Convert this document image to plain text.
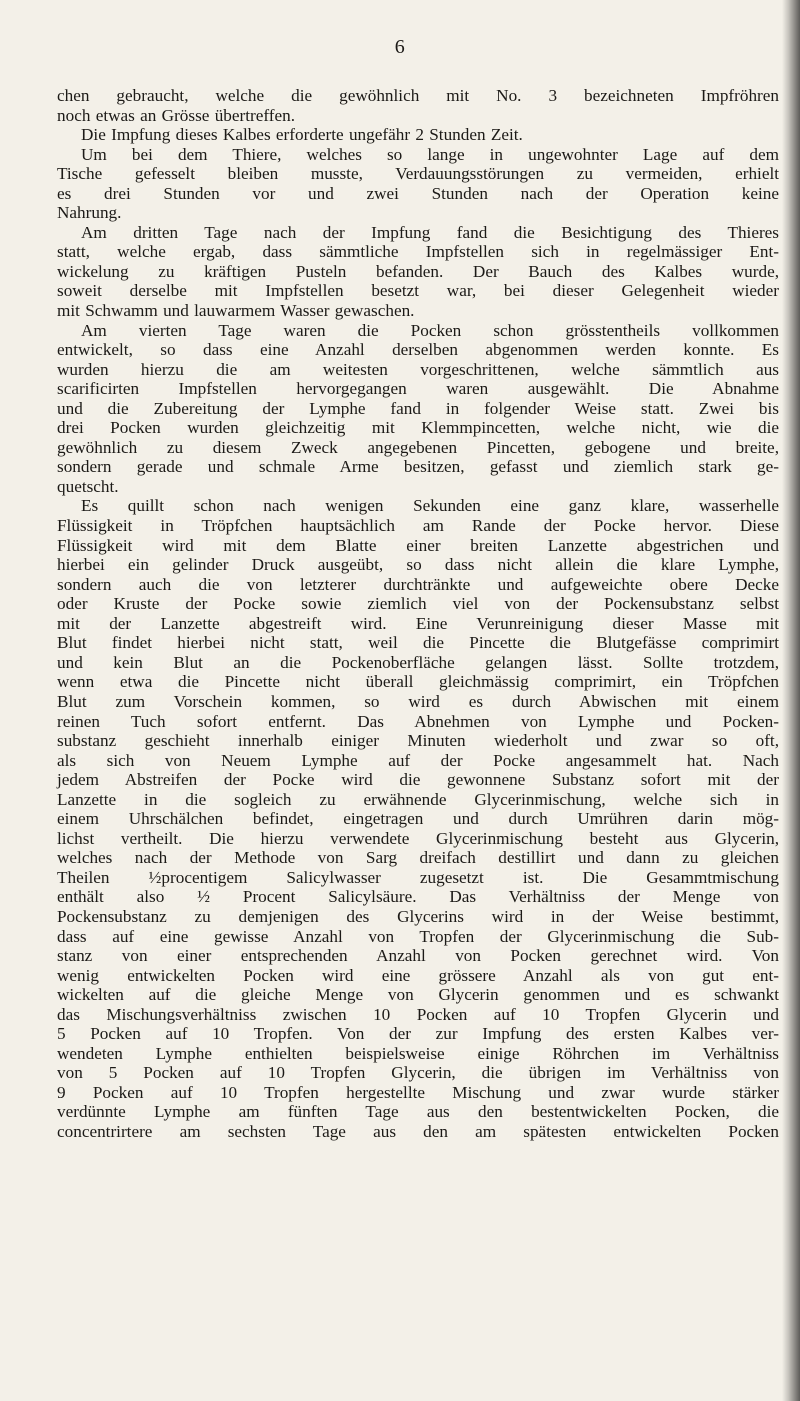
6
chen gebraucht, welche die gewöhnlich mit No. 3 bezeichneten Impfröhren
noch etwas an Grösse übertreffen.
Die Impfung dieses Kalbes erforderte ungefähr 2 Stunden Zeit.
Um bei dem Thiere, welches so lange in ungewohnter Lage auf dem
Tische gefesselt bleiben musste, Verdauungsstörungen zu vermeiden, erhielt
es drei Stunden vor und zwei Stunden nach der Operation keine
Nahrung.
Am dritten Tage nach der Impfung fand die Besichtigung des Thieres
statt, welche ergab, dass sämmtliche Impfstellen sich in regelmässiger Ent-
wickelung zu kräftigen Pusteln befanden. Der Bauch des Kalbes wurde,
soweit derselbe mit Impfstellen besetzt war, bei dieser Gelegenheit wieder
mit Schwamm und lauwarmem Wasser gewaschen.
Am vierten Tage waren die Pocken schon grösstentheils vollkommen
entwickelt, so dass eine Anzahl derselben abgenommen werden konnte. Es
wurden hierzu die am weitesten vorgeschrittenen, welche sämmtlich aus
scarificirten Impfstellen hervorgegangen waren ausgewählt. Die Abnahme
und die Zubereitung der Lymphe fand in folgender Weise statt. Zwei bis
drei Pocken wurden gleichzeitig mit Klemmpincetten, welche nicht, wie die
gewöhnlich zu diesem Zweck angegebenen Pincetten, gebogene und breite,
sondern gerade und schmale Arme besitzen, gefasst und ziemlich stark ge-
quetscht.
Es quillt schon nach wenigen Sekunden eine ganz klare, wasserhelle
Flüssigkeit in Tröpfchen hauptsächlich am Rande der Pocke hervor. Diese
Flüssigkeit wird mit dem Blatte einer breiten Lanzette abgestrichen und
hierbei ein gelinder Druck ausgeübt, so dass nicht allein die klare Lymphe,
sondern auch die von letzterer durchtränkte und aufgeweichte obere Decke
oder Kruste der Pocke sowie ziemlich viel von der Pockensubstanz selbst
mit der Lanzette abgestreift wird. Eine Verunreinigung dieser Masse mit
Blut findet hierbei nicht statt, weil die Pincette die Blutgefässe comprimirt
und kein Blut an die Pockenoberfläche gelangen lässt. Sollte trotzdem,
wenn etwa die Pincette nicht überall gleichmässig comprimirt, ein Tröpfchen
Blut zum Vorschein kommen, so wird es durch Abwischen mit einem
reinen Tuch sofort entfernt. Das Abnehmen von Lymphe und Pocken-
substanz geschieht innerhalb einiger Minuten wiederholt und zwar so oft,
als sich von Neuem Lymphe auf der Pocke angesammelt hat. Nach
jedem Abstreifen der Pocke wird die gewonnene Substanz sofort mit der
Lanzette in die sogleich zu erwähnende Glycerinmischung, welche sich in
einem Uhrschälchen befindet, eingetragen und durch Umrühren darin mög-
lichst vertheilt. Die hierzu verwendete Glycerinmischung besteht aus Glycerin,
welches nach der Methode von Sarg dreifach destillirt und dann zu gleichen
Theilen ½procentigem Salicylwasser zugesetzt ist. Die Gesammtmischung
enthält also ½ Procent Salicylsäure. Das Verhältniss der Menge von
Pockensubstanz zu demjenigen des Glycerins wird in der Weise bestimmt,
dass auf eine gewisse Anzahl von Tropfen der Glycerinmischung die Sub-
stanz von einer entsprechenden Anzahl von Pocken gerechnet wird. Von
wenig entwickelten Pocken wird eine grössere Anzahl als von gut ent-
wickelten auf die gleiche Menge von Glycerin genommen und es schwankt
das Mischungsverhältniss zwischen 10 Pocken auf 10 Tropfen Glycerin und
5 Pocken auf 10 Tropfen. Von der zur Impfung des ersten Kalbes ver-
wendeten Lymphe enthielten beispielsweise einige Röhrchen im Verhältniss
von 5 Pocken auf 10 Tropfen Glycerin, die übrigen im Verhältniss von
9 Pocken auf 10 Tropfen hergestellte Mischung und zwar wurde stärker
verdünnte Lymphe am fünften Tage aus den bestentwickelten Pocken, die
concentrirtere am sechsten Tage aus den am spätesten entwickelten Pocken
